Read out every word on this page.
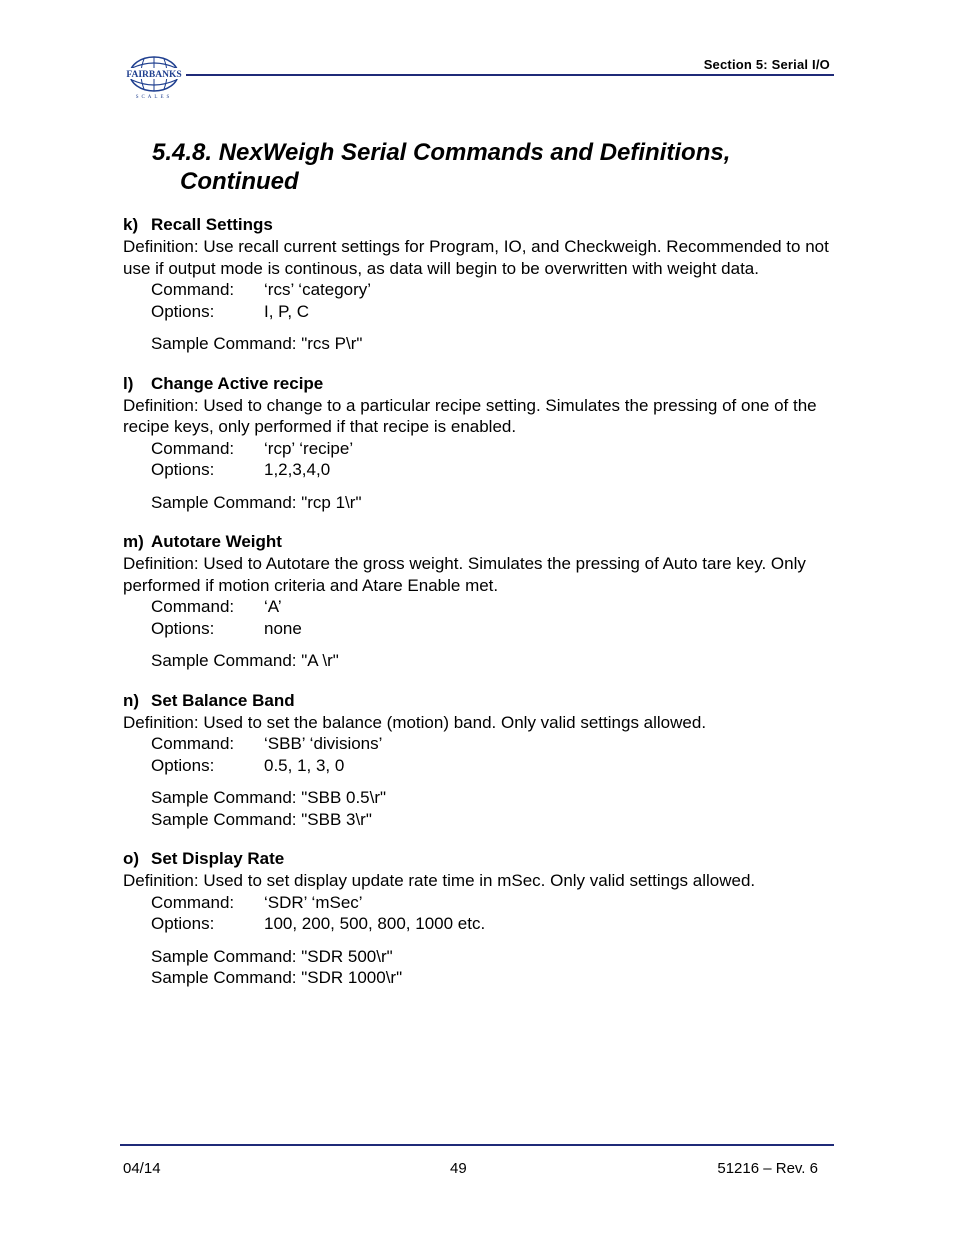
FAIRBANKS
SCALES
Section 5: Serial I/O
5.4.8. NexWeigh Serial Commands and Definitions,
Continued
k) Recall Settings
Definition: Use recall current settings for Program, IO, and Checkweigh. Recommended to not use if output mode is continous, as data will begin to be overwritten with weight data.
Command:	‘rcs’ ‘category’
Options:	I, P, C
Sample Command: "rcs P\r"
l) Change Active recipe
Definition: Used to change to a particular recipe setting. Simulates the pressing of one of the recipe keys, only performed if that recipe is enabled.
Command:	‘rcp’ ‘recipe’
Options:	1,2,3,4,0
Sample Command: "rcp 1\r"
m) Autotare Weight
Definition: Used to Autotare the gross weight. Simulates the pressing of Auto tare key. Only performed if motion criteria and Atare Enable met.
Command:	‘A’
Options:	none
Sample Command: "A \r"
n) Set Balance Band
Definition: Used to set the balance (motion) band. Only valid settings allowed.
Command:	‘SBB’ ‘divisions’
Options:	0.5, 1, 3, 0
Sample Command: "SBB 0.5\r"
Sample Command: "SBB 3\r"
o) Set Display Rate
Definition: Used to set display update rate time in mSec. Only valid settings allowed.
Command:	‘SDR’ ‘mSec’
Options:	100, 200, 500, 800, 1000 etc.
Sample Command: "SDR 500\r"
Sample Command: "SDR 1000\r"
04/14	49	51216 – Rev. 6
